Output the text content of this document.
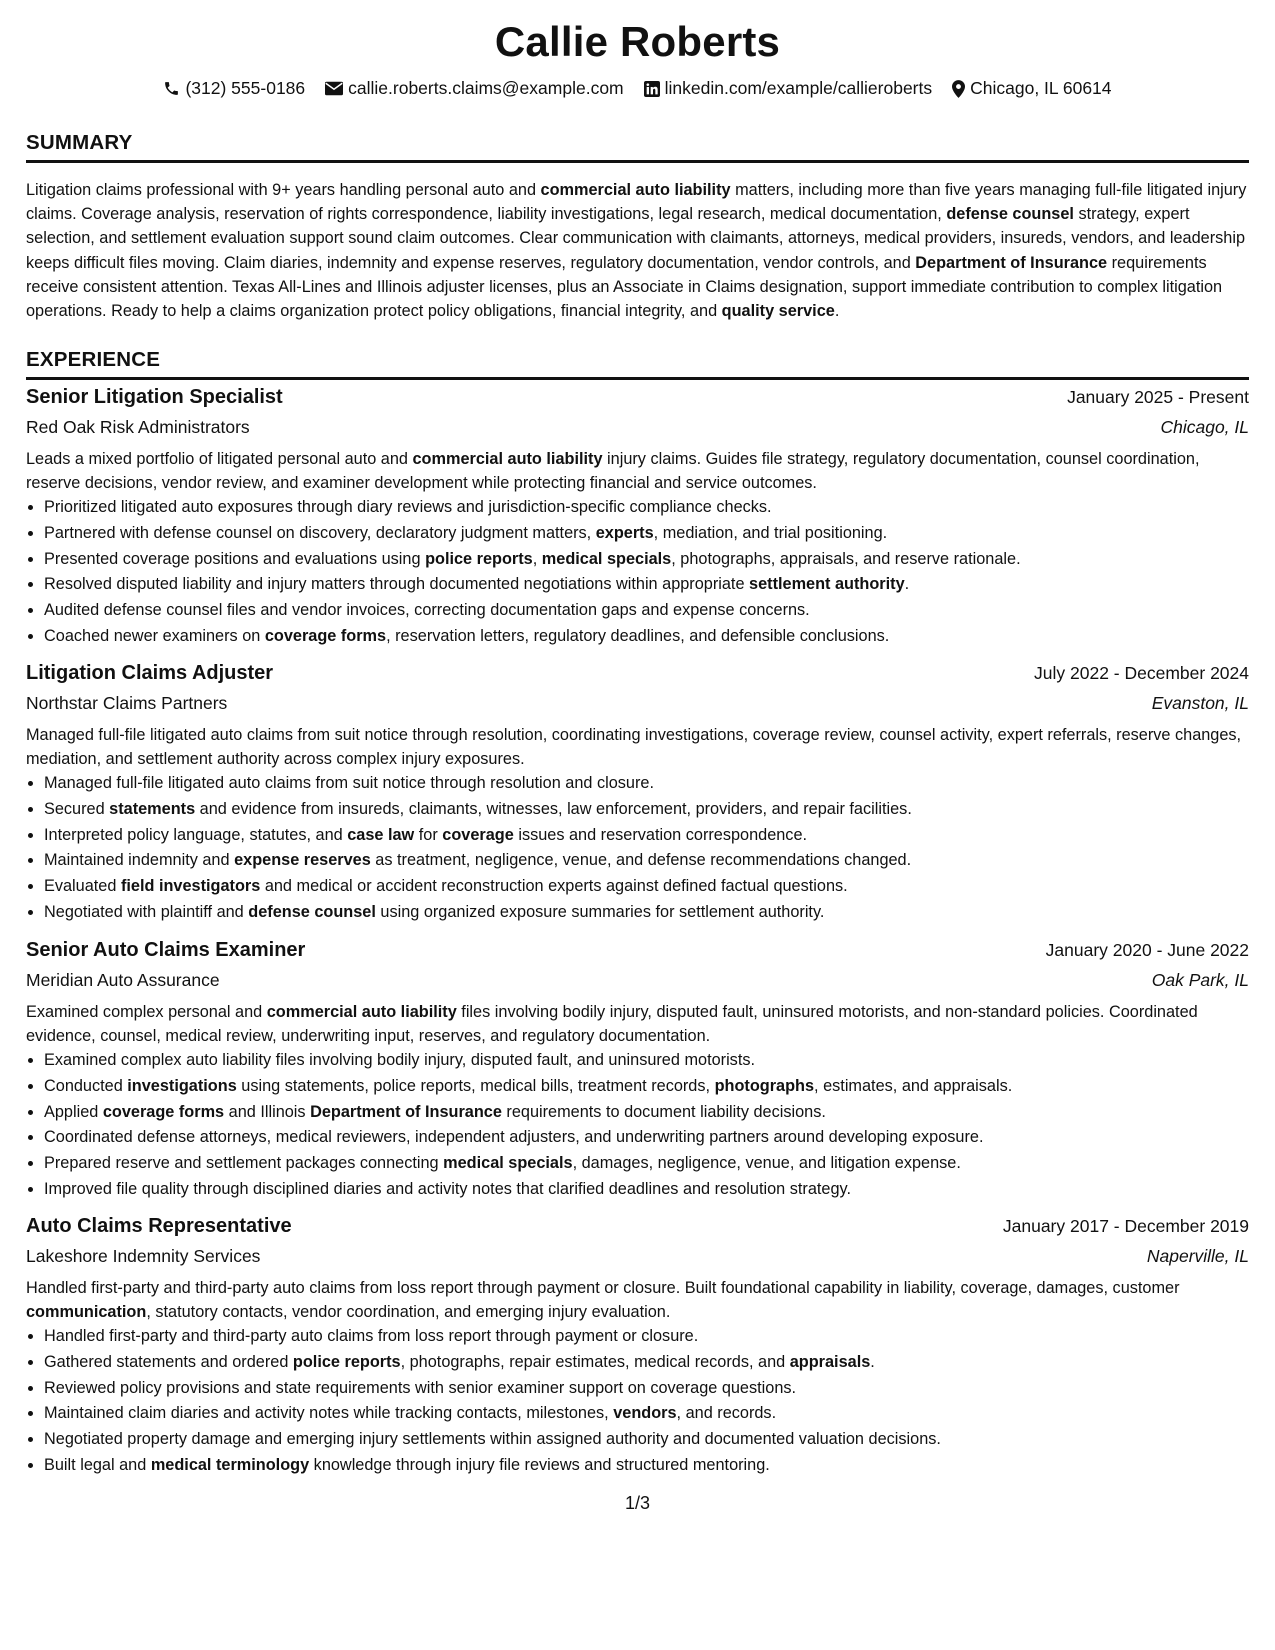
Callie Roberts
(312) 555-0186 callie.roberts.claims@example.com linkedin.com/example/callieroberts Chicago, IL 60614
SUMMARY
Litigation claims professional with 9+ years handling personal auto and commercial auto liability matters, including more than five years managing full-file litigated injury claims. Coverage analysis, reservation of rights correspondence, liability investigations, legal research, medical documentation, defense counsel strategy, expert selection, and settlement evaluation support sound claim outcomes. Clear communication with claimants, attorneys, medical providers, insureds, vendors, and leadership keeps difficult files moving. Claim diaries, indemnity and expense reserves, regulatory documentation, vendor controls, and Department of Insurance requirements receive consistent attention. Texas All-Lines and Illinois adjuster licenses, plus an Associate in Claims designation, support immediate contribution to complex litigation operations. Ready to help a claims organization protect policy obligations, financial integrity, and quality service.
EXPERIENCE
Senior Litigation Specialist	January 2025 - Present
Red Oak Risk Administrators	Chicago, IL
Leads a mixed portfolio of litigated personal auto and commercial auto liability injury claims. Guides file strategy, regulatory documentation, counsel coordination, reserve decisions, vendor review, and examiner development while protecting financial and service outcomes.
• Prioritized litigated auto exposures through diary reviews and jurisdiction-specific compliance checks.
• Partnered with defense counsel on discovery, declaratory judgment matters, experts, mediation, and trial positioning.
• Presented coverage positions and evaluations using police reports, medical specials, photographs, appraisals, and reserve rationale.
• Resolved disputed liability and injury matters through documented negotiations within appropriate settlement authority.
• Audited defense counsel files and vendor invoices, correcting documentation gaps and expense concerns.
• Coached newer examiners on coverage forms, reservation letters, regulatory deadlines, and defensible conclusions.
Litigation Claims Adjuster	July 2022 - December 2024
Northstar Claims Partners	Evanston, IL
Managed full-file litigated auto claims from suit notice through resolution, coordinating investigations, coverage review, counsel activity, expert referrals, reserve changes, mediation, and settlement authority across complex injury exposures.
• Managed full-file litigated auto claims from suit notice through resolution and closure.
• Secured statements and evidence from insureds, claimants, witnesses, law enforcement, providers, and repair facilities.
• Interpreted policy language, statutes, and case law for coverage issues and reservation correspondence.
• Maintained indemnity and expense reserves as treatment, negligence, venue, and defense recommendations changed.
• Evaluated field investigators and medical or accident reconstruction experts against defined factual questions.
• Negotiated with plaintiff and defense counsel using organized exposure summaries for settlement authority.
Senior Auto Claims Examiner	January 2020 - June 2022
Meridian Auto Assurance	Oak Park, IL
Examined complex personal and commercial auto liability files involving bodily injury, disputed fault, uninsured motorists, and non-standard policies. Coordinated evidence, counsel, medical review, underwriting input, reserves, and regulatory documentation.
• Examined complex auto liability files involving bodily injury, disputed fault, and uninsured motorists.
• Conducted investigations using statements, police reports, medical bills, treatment records, photographs, estimates, and appraisals.
• Applied coverage forms and Illinois Department of Insurance requirements to document liability decisions.
• Coordinated defense attorneys, medical reviewers, independent adjusters, and underwriting partners around developing exposure.
• Prepared reserve and settlement packages connecting medical specials, damages, negligence, venue, and litigation expense.
• Improved file quality through disciplined diaries and activity notes that clarified deadlines and resolution strategy.
Auto Claims Representative	January 2017 - December 2019
Lakeshore Indemnity Services	Naperville, IL
Handled first-party and third-party auto claims from loss report through payment or closure. Built foundational capability in liability, coverage, damages, customer communication, statutory contacts, vendor coordination, and emerging injury evaluation.
• Handled first-party and third-party auto claims from loss report through payment or closure.
• Gathered statements and ordered police reports, photographs, repair estimates, medical records, and appraisals.
• Reviewed policy provisions and state requirements with senior examiner support on coverage questions.
• Maintained claim diaries and activity notes while tracking contacts, milestones, vendors, and records.
• Negotiated property damage and emerging injury settlements within assigned authority and documented valuation decisions.
• Built legal and medical terminology knowledge through injury file reviews and structured mentoring.
1/3
